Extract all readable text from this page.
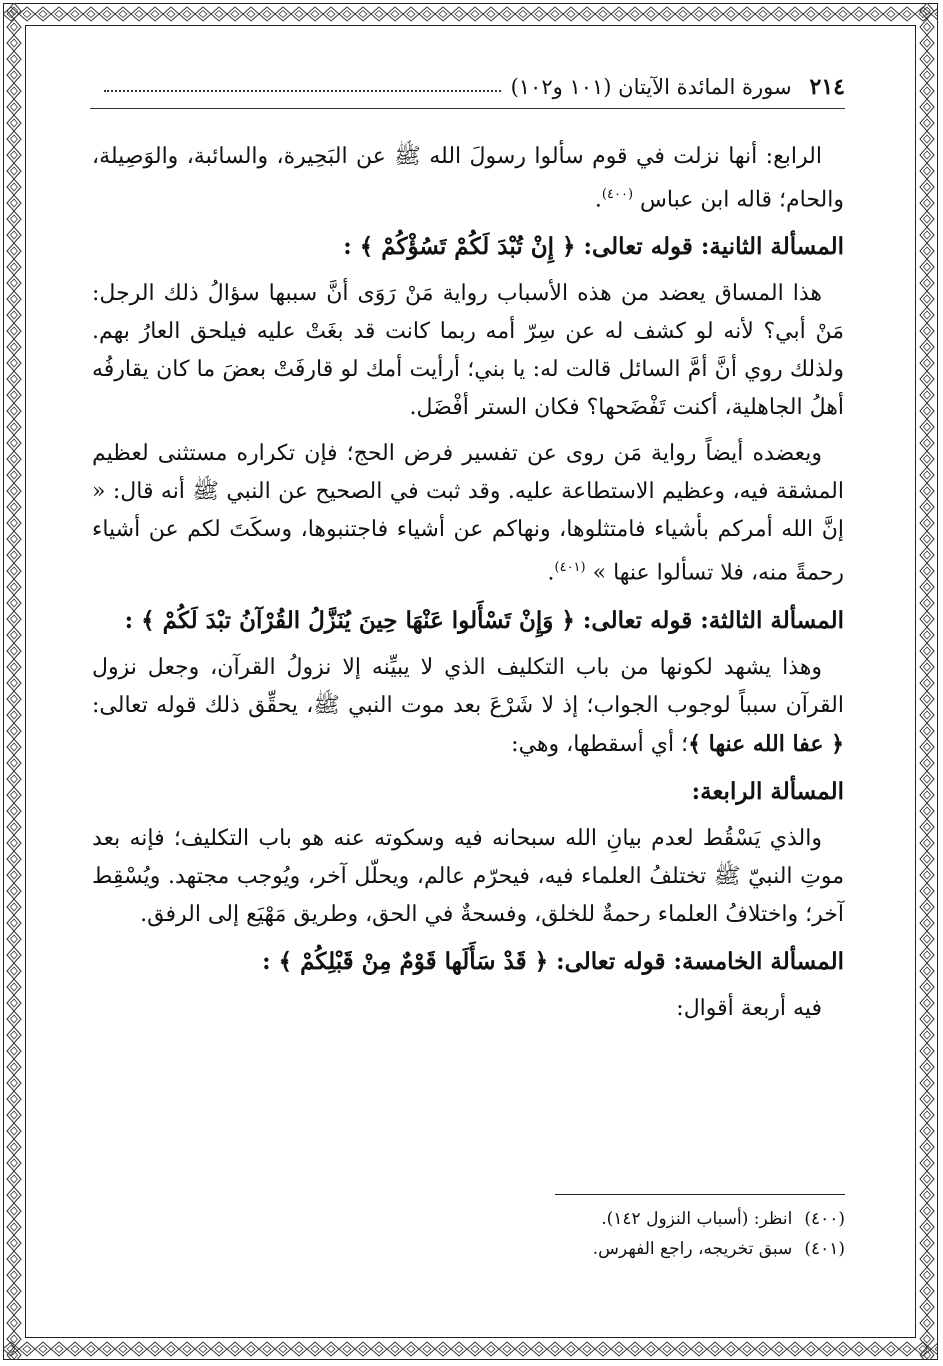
٢١٤
سورة المائدة الآيتان (١٠١ و١٠٢)

الرابع: أنها نزلت في قوم سألوا رسولَ الله ﷺ عن البَحِيرة، والسائبة، والوَصِيلة، والحام؛ قاله ابن عباس $^{(٤٠٠)}$.

المسألة الثانية: قوله تعالى: ﴿ إِنْ تُبْدَ لَكُمْ تَسُؤْكُمْ ﴾ :

هذا المساق يعضد من هذه الأسباب رواية مَنْ رَوَى أنَّ سببها سؤالُ ذلك الرجل: مَنْ أبي؟ لأنه لو كشف له عن سِرّ أمه ربما كانت قد بغَتْ عليه فيلحق العارُ بهم. ولذلك روي أنَّ أمَّ السائل قالت له: يا بني؛ أرأيت أمك لو قارفَتْ بعضَ ما كان يقارفُه أهلُ الجاهلية، أكنت تَفْضَحها؟ فكان الستر أفْضَل.

ويعضده أيضاً رواية مَن روى عن تفسير فرض الحج؛ فإن تكراره مستثنى لعظيم المشقة فيه، وعظيم الاستطاعة عليه. وقد ثبت في الصحيح عن النبي ﷺ أنه قال: « إنَّ الله أمركم بأشياء فامتثلوها، ونهاكم عن أشياء فاجتنبوها، وسكَتَ لكم عن أشياء رحمةً منه، فلا تسألوا عنها » $^{(٤٠١)}$.

المسألة الثالثة: قوله تعالى: ﴿ وَإِنْ تَسْأَلوا عَنْهَا حِينَ يُنَزَّلُ القُرْآنُ تبْدَ لَكُمْ ﴾ :

وهذا يشهد لكونها من باب التكليف الذي لا يبيِّنه إلا نزولُ القرآن، وجعل نزول القرآن سبباً لوجوب الجواب؛ إذ لا شَرْعَ بعد موت النبي ﷺ، يحقِّق ذلك قوله تعالى: ﴿ عفا الله عنها ﴾؛ أي أسقطها، وهي:

المسألة الرابعة:

والذي يَسْقُط لعدم بيانِ الله سبحانه فيه وسكوته عنه هو باب التكليف؛ فإنه بعد موتِ النبيّ ﷺ تختلفُ العلماء فيه، فيحرّم عالم، ويحلّل آخر، ويُوجب مجتهد. ويُسْقِط آخر؛ واختلافُ العلماء رحمةٌ للخلق، وفسحةٌ في الحق، وطريق مَهْيَع إلى الرفق.

المسألة الخامسة: قوله تعالى: ﴿ قَدْ سَأَلَها قَوْمٌ مِنْ قَبْلِكُمْ ﴾ :

فيه أربعة أقوال:

(٤٠٠)انظر: (أسباب النزول ١٤٢).
(٤٠١)سبق تخريجه، راجع الفهرس.
